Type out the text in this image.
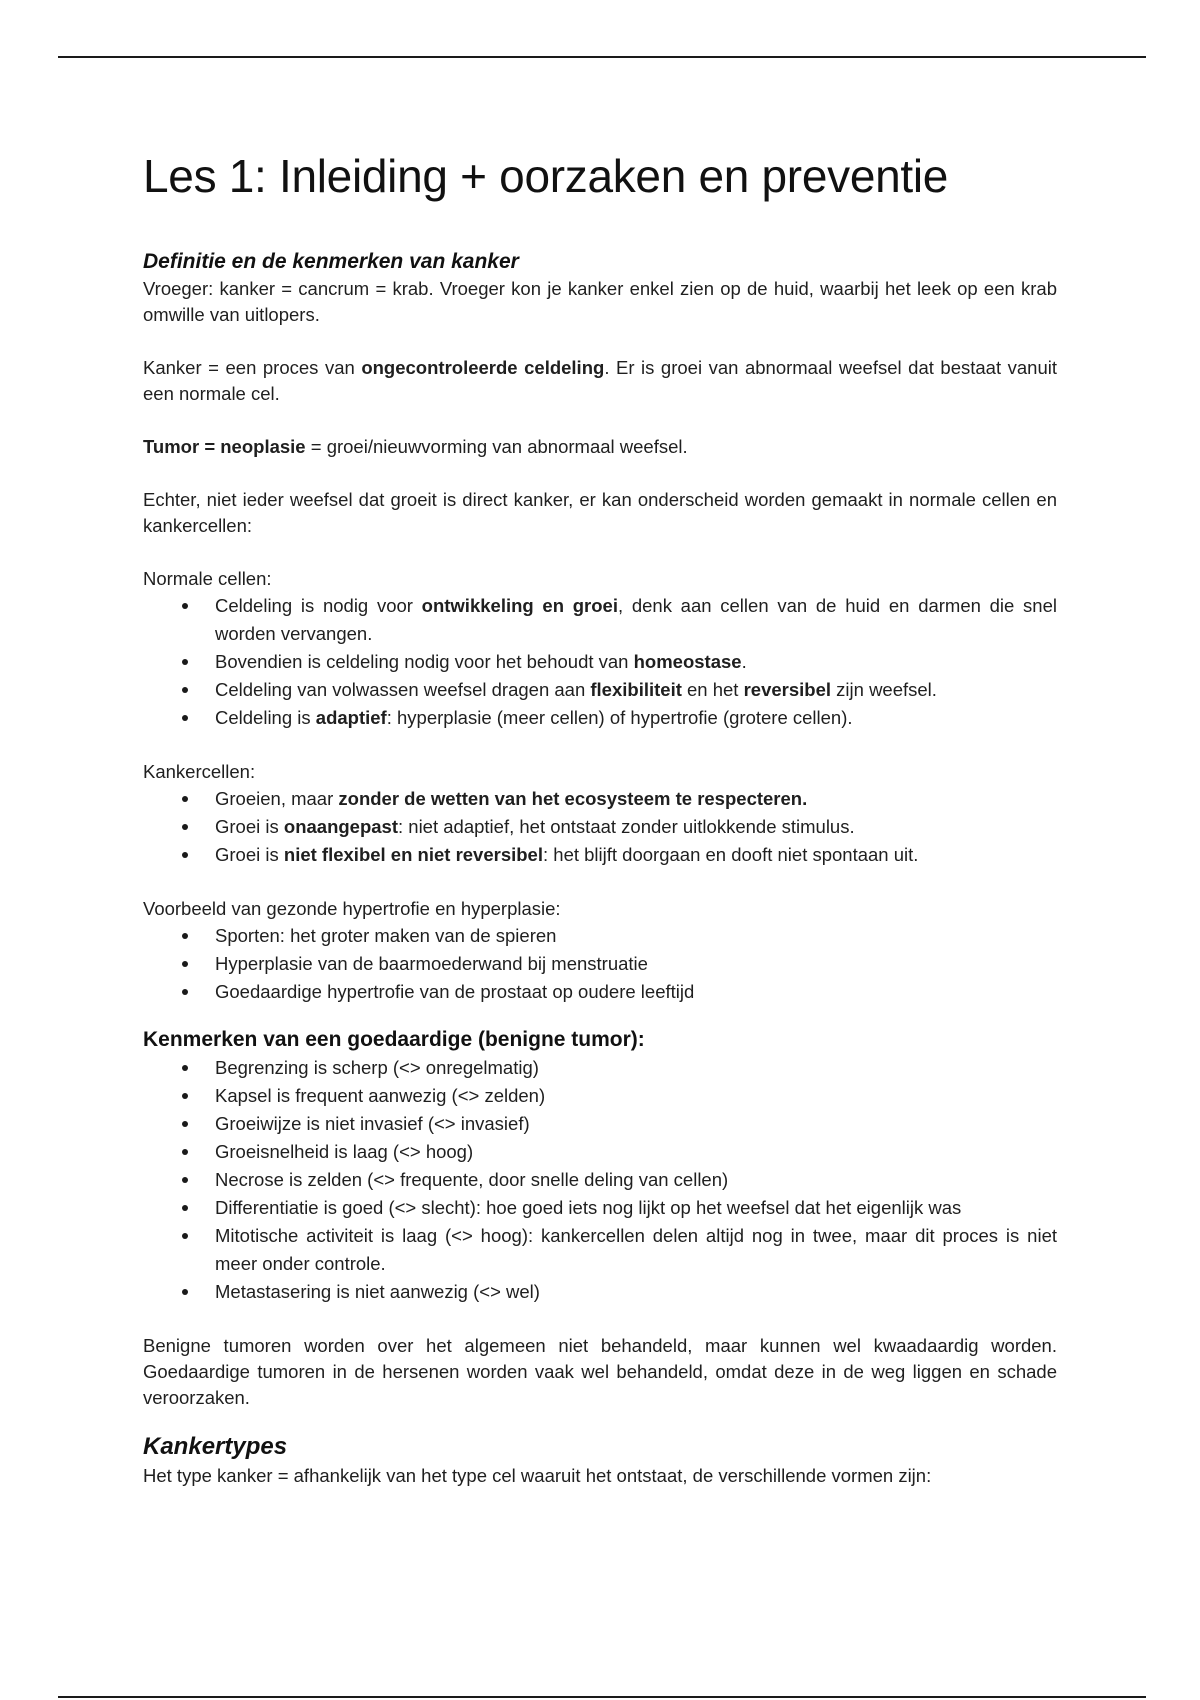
Les 1: Inleiding + oorzaken en preventie
Definitie en de kenmerken van kanker

Vroeger: kanker = cancrum = krab. Vroeger kon je kanker enkel zien op de huid, waarbij het leek op een krab omwille van uitlopers.

Kanker = een proces van ongecontroleerde celdeling. Er is groei van abnormaal weefsel dat bestaat vanuit een normale cel.

Tumor = neoplasie = groei/nieuwvorming van abnormaal weefsel.

Echter, niet ieder weefsel dat groeit is direct kanker, er kan onderscheid worden gemaakt in normale cellen en kankercellen:

Normale cellen:

Celdeling is nodig voor ontwikkeling en groei, denk aan cellen van de huid en darmen die snel worden vervangen.
Bovendien is celdeling nodig voor het behoudt van homeostase.
Celdeling van volwassen weefsel dragen aan flexibiliteit en het reversibel zijn weefsel.
Celdeling is adaptief: hyperplasie (meer cellen) of hypertrofie (grotere cellen).

Kankercellen:

Groeien, maar zonder de wetten van het ecosysteem te respecteren.
Groei is onaangepast: niet adaptief, het ontstaat zonder uitlokkende stimulus.
Groei is niet flexibel en niet reversibel: het blijft doorgaan en dooft niet spontaan uit.

Voorbeeld van gezonde hypertrofie en hyperplasie:

Sporten: het groter maken van de spieren
Hyperplasie van de baarmoederwand bij menstruatie
Goedaardige hypertrofie van de prostaat op oudere leeftijd
Kenmerken van een goedaardige (benigne tumor):
Begrenzing is scherp (<> onregelmatig)
Kapsel is frequent aanwezig (<> zelden)
Groeiwijze is niet invasief (<> invasief)
Groeisnelheid is laag (<> hoog)
Necrose is zelden (<> frequente, door snelle deling van cellen)
Differentiatie is goed (<> slecht): hoe goed iets nog lijkt op het weefsel dat het eigenlijk was
Mitotische activiteit is laag (<> hoog): kankercellen delen altijd nog in twee, maar dit proces is niet meer onder controle.
Metastasering is niet aanwezig (<> wel)

Benigne tumoren worden over het algemeen niet behandeld, maar kunnen wel kwaadaardig worden. Goedaardige tumoren in de hersenen worden vaak wel behandeld, omdat deze in de weg liggen en schade veroorzaken.

Kankertypes

Het type kanker = afhankelijk van het type cel waaruit het ontstaat, de verschillende vormen zijn:
